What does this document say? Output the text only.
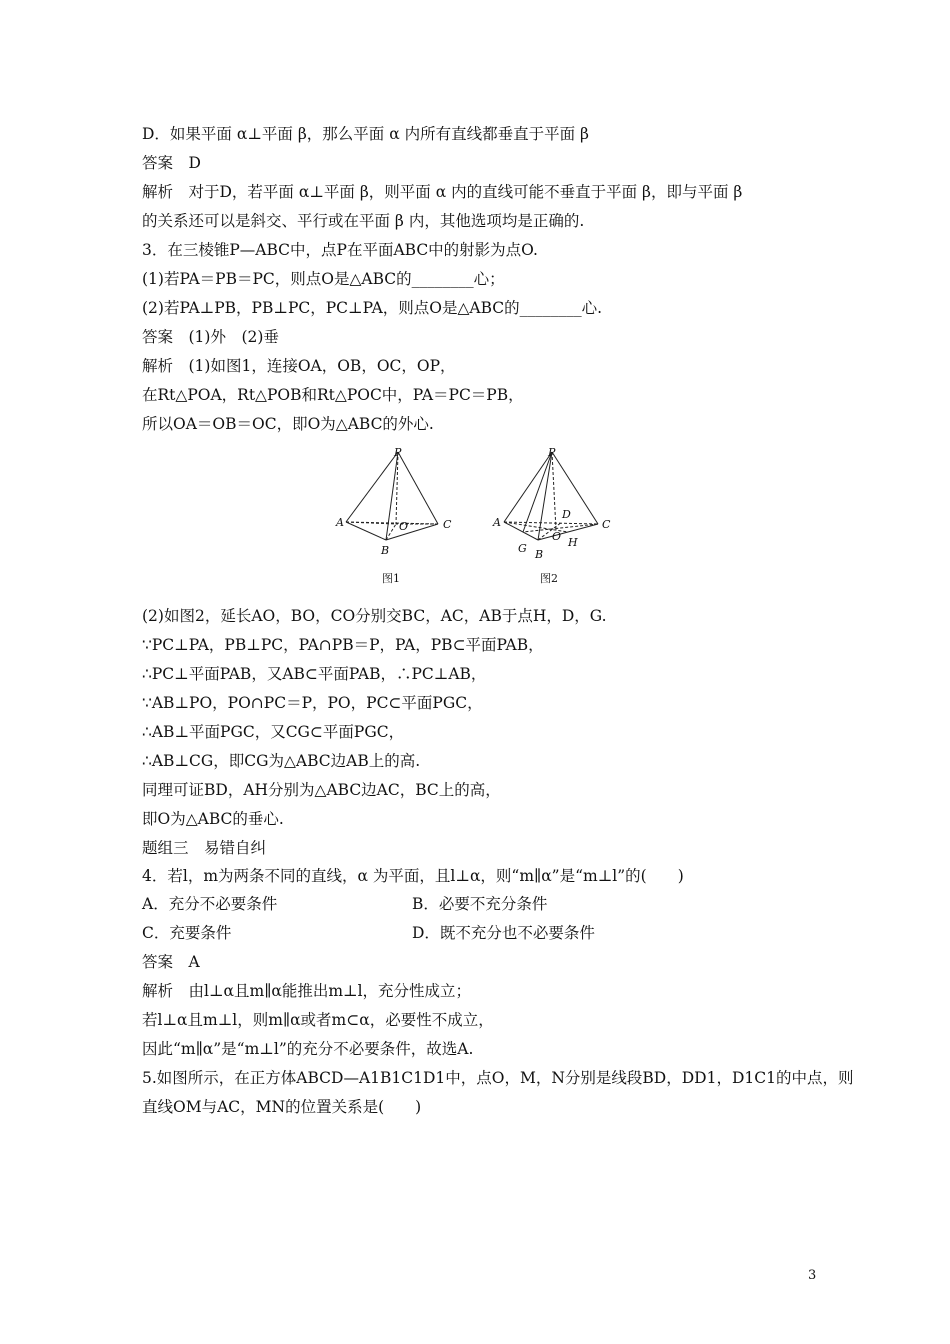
D．如果平面 α⊥平面 β，那么平面 α 内所有直线都垂直于平面 β
答案　D
解析　对于D，若平面 α⊥平面 β，则平面 α 内的直线可能不垂直于平面 β，即与平面 β
的关系还可以是斜交、平行或在平面 β 内，其他选项均是正确的.
3．在三棱锥P—ABC中，点P在平面ABC中的射影为点O.
(1)若PA＝PB＝PC，则点O是△ABC的________心；
(2)若PA⊥PB，PB⊥PC，PC⊥PA，则点O是△ABC的________心.
答案　(1)外　(2)垂
解析　(1)如图1，连接OA，OB，OC，OP，
在Rt△POA，Rt△POB和Rt△POC中，PA＝PC＝PB，
所以OA＝OB＝OC，即O为△ABC的外心.
P
A	C
B
O
图1
P
A	C
B
D
O H
G
图2
(2)如图2，延长AO，BO，CO分别交BC，AC，AB于点H，D，G.
∵PC⊥PA，PB⊥PC，PA∩PB＝P，PA，PB⊂平面PAB，
∴PC⊥平面PAB，又AB⊂平面PAB，∴PC⊥AB，
∵AB⊥PO，PO∩PC＝P，PO，PC⊂平面PGC，
∴AB⊥平面PGC，又CG⊂平面PGC，
∴AB⊥CG，即CG为△ABC边AB上的高.
同理可证BD，AH分别为△ABC边AC，BC上的高，
即O为△ABC的垂心.
题组三　易错自纠
4．若l，m为两条不同的直线，α 为平面，且l⊥α，则“m∥α”是“m⊥l”的(　　)
A．充分不必要条件	B．必要不充分条件
C．充要条件	D．既不充分也不必要条件
答案　A
解析　由l⊥α且m∥α能推出m⊥l，充分性成立；
若l⊥α且m⊥l，则m∥α或者m⊂α，必要性不成立，
因此“m∥α”是“m⊥l”的充分不必要条件，故选A.
5.如图所示，在正方体ABCD—A1B1C1D1中，点O，M，N分别是线段BD，DD1，D1C1的中点，则
直线OM与AC，MN的位置关系是(　　)
3
